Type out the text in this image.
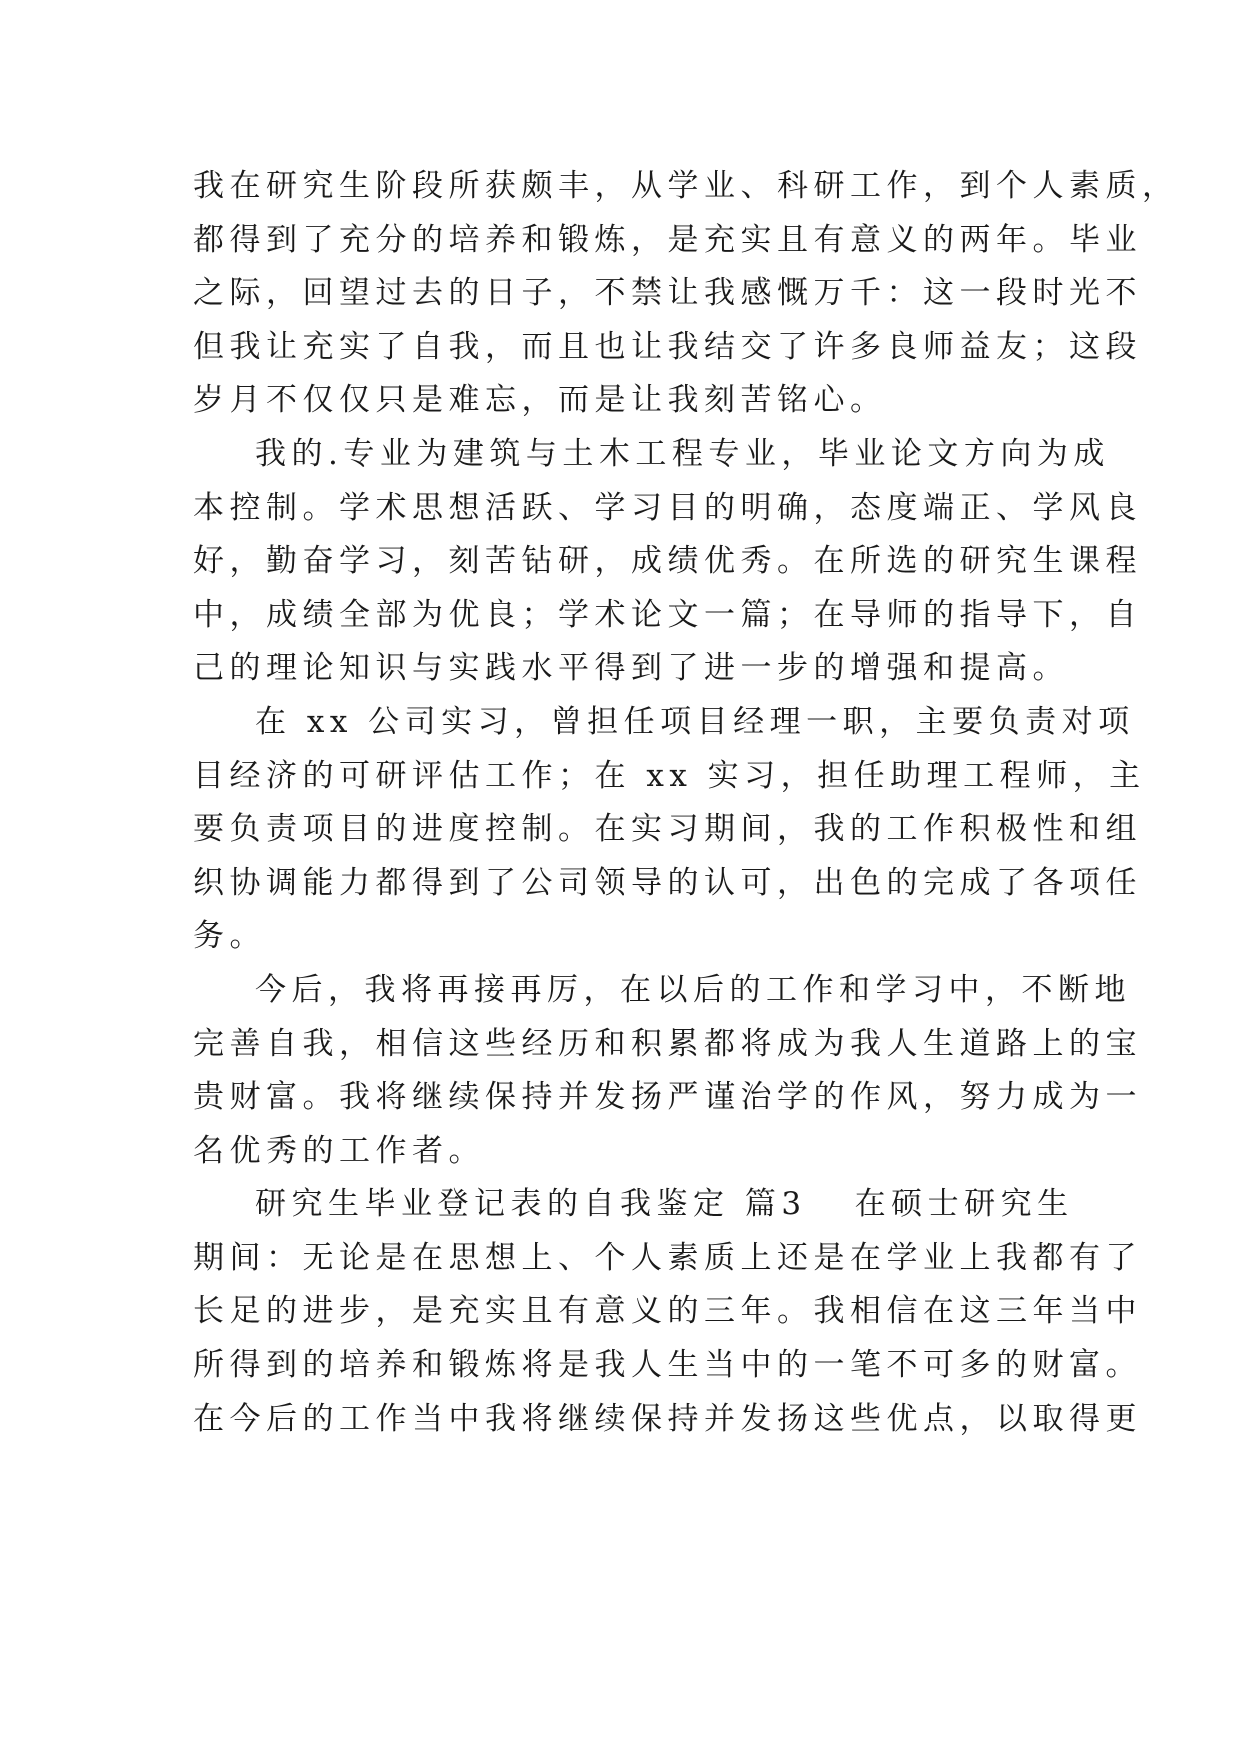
我在研究生阶段所获颇丰，从学业、科研工作，到个人素质，
都得到了充分的培养和锻炼，是充实且有意义的两年。毕业
之际，回望过去的日子，不禁让我感慨万千：这一段时光不
但我让充实了自我，而且也让我结交了许多良师益友；这段
岁月不仅仅只是难忘，而是让我刻苦铭心。
我的.专业为建筑与土木工程专业，毕业论文方向为成
本控制。学术思想活跃、学习目的明确，态度端正、学风良
好，勤奋学习，刻苦钻研，成绩优秀。在所选的研究生课程
中，成绩全部为优良；学术论文一篇；在导师的指导下，自
己的理论知识与实践水平得到了进一步的增强和提高。
在 xx 公司实习，曾担任项目经理一职，主要负责对项
目经济的可研评估工作；在 xx 实习，担任助理工程师，主
要负责项目的进度控制。在实习期间，我的工作积极性和组
织协调能力都得到了公司领导的认可，出色的完成了各项任
务。
今后，我将再接再厉，在以后的工作和学习中，不断地
完善自我，相信这些经历和积累都将成为我人生道路上的宝
贵财富。我将继续保持并发扬严谨治学的作风，努力成为一
名优秀的工作者。
研究生毕业登记表的自我鉴定 篇3 在硕士研究生
期间：无论是在思想上、个人素质上还是在学业上我都有了
长足的进步，是充实且有意义的三年。我相信在这三年当中
所得到的培养和锻炼将是我人生当中的一笔不可多的财富。
在今后的工作当中我将继续保持并发扬这些优点，以取得更
